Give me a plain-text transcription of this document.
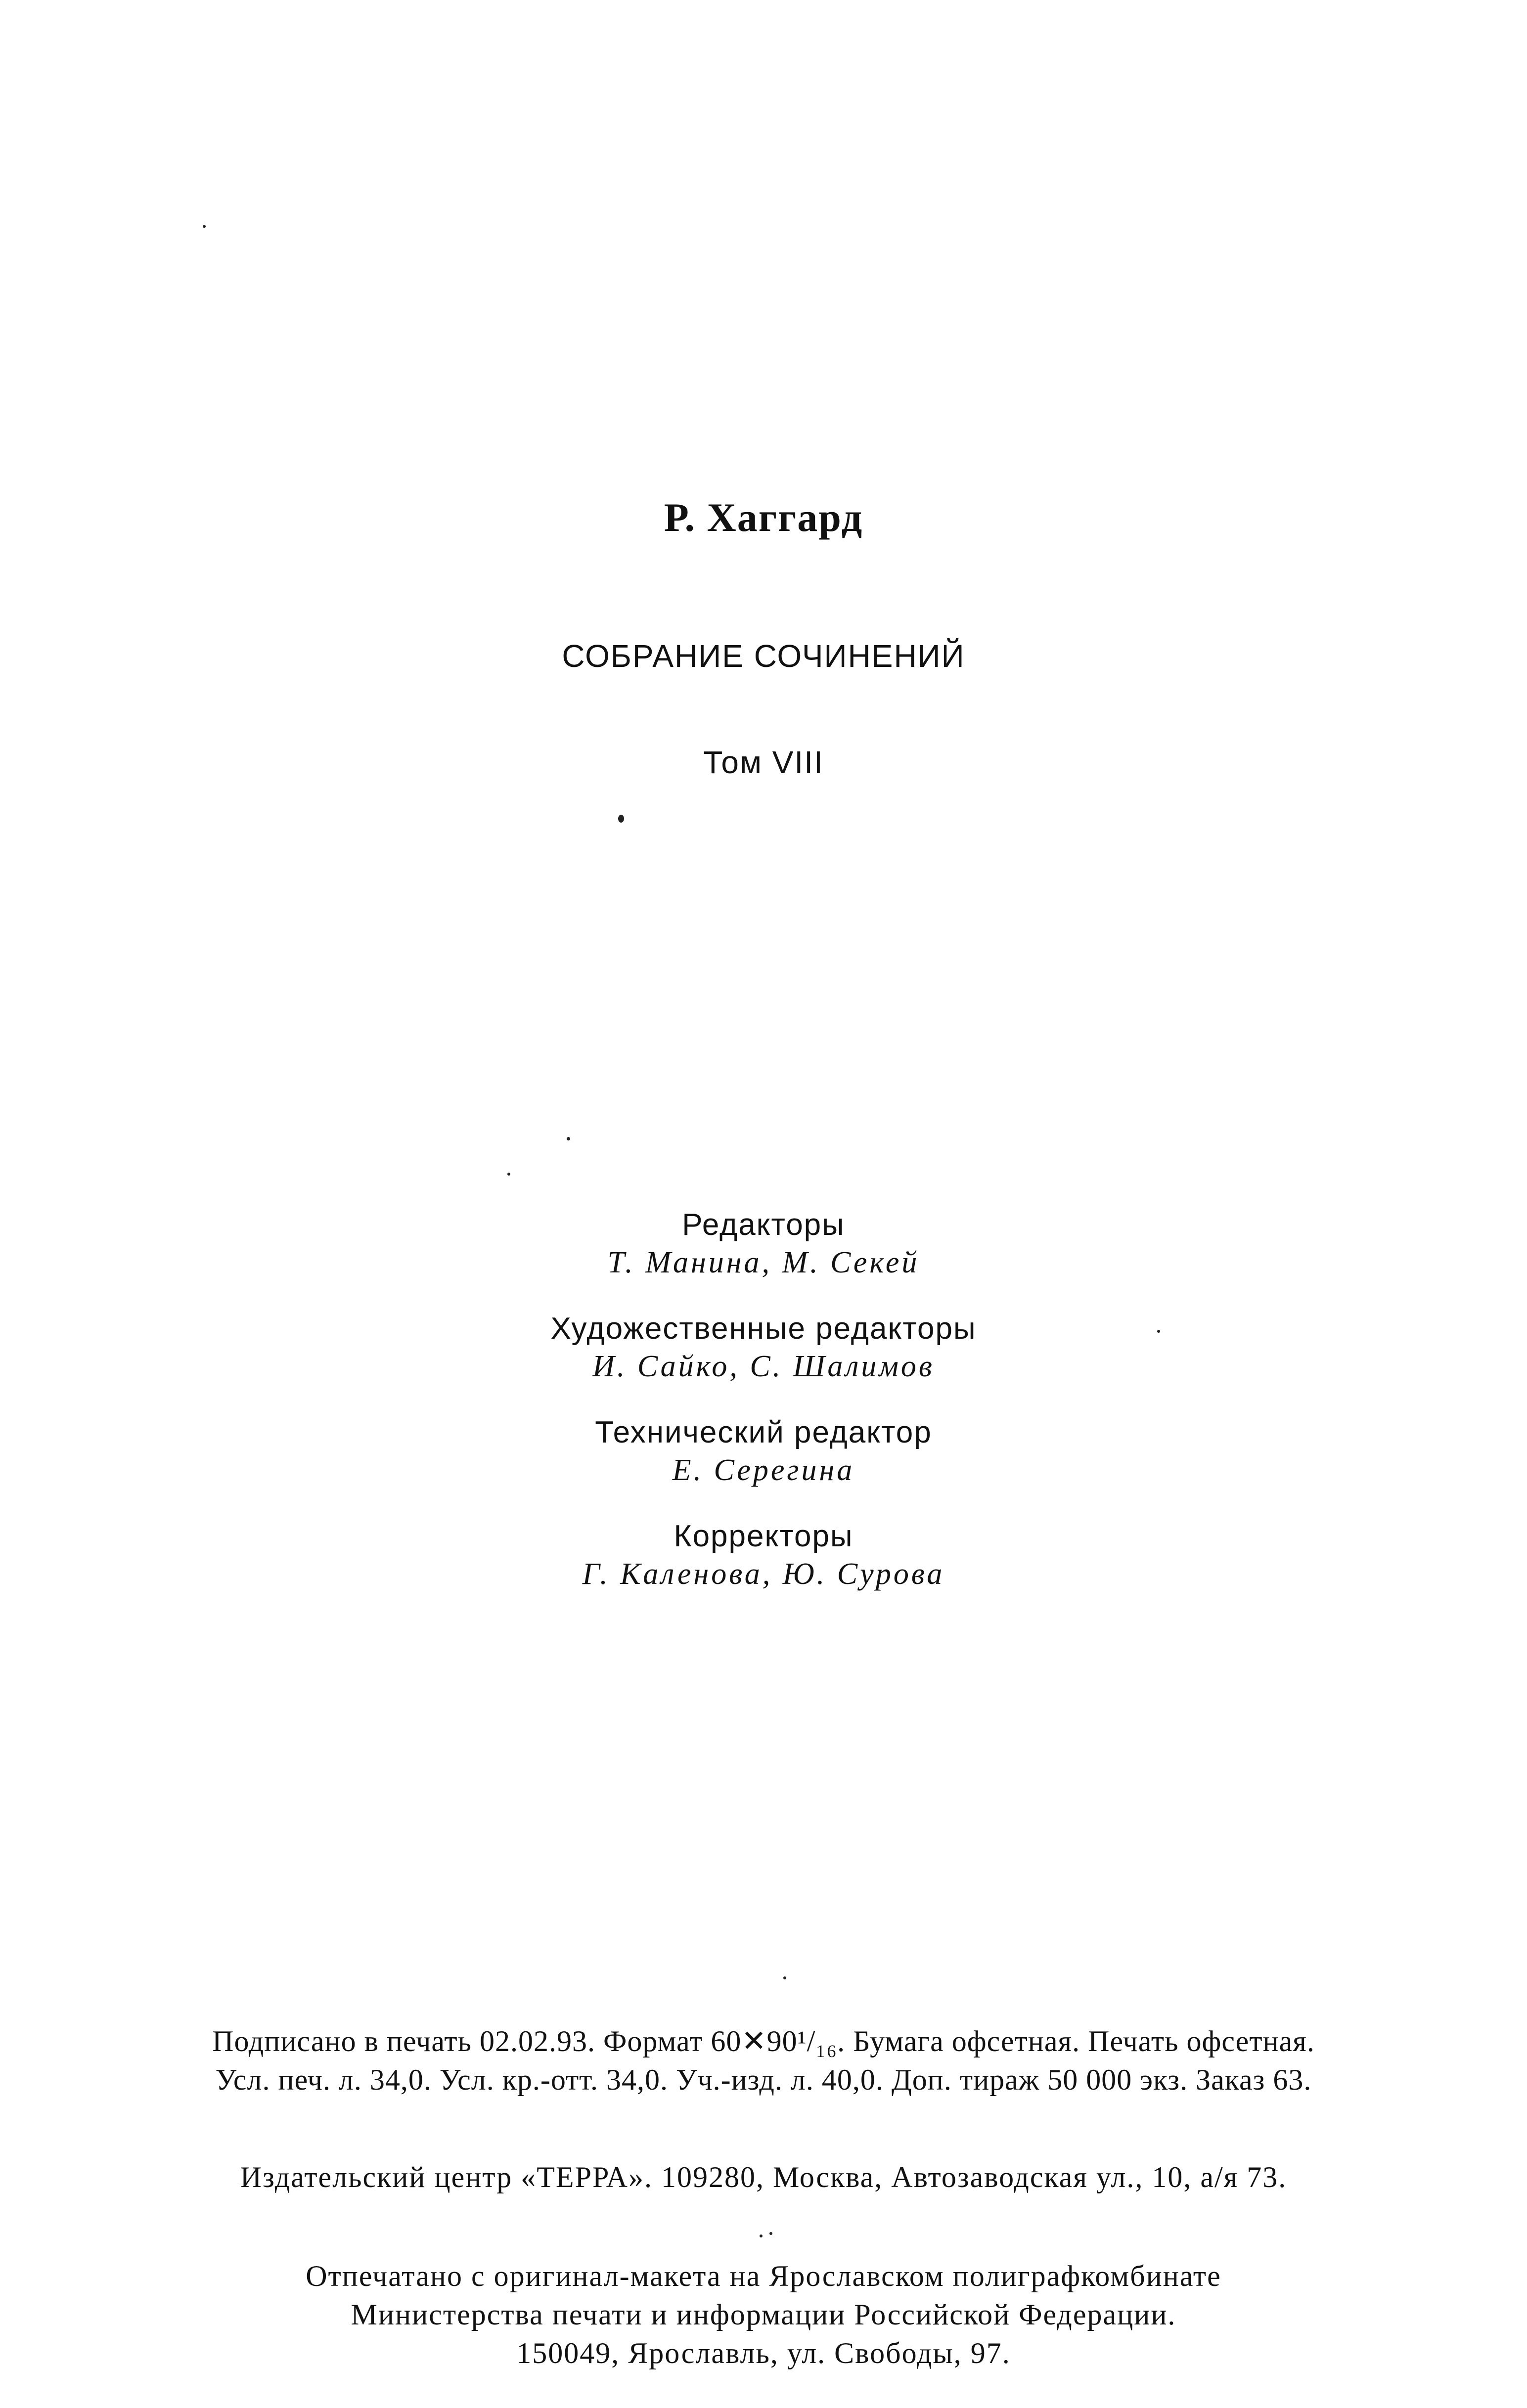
Р. Хаггард
СОБРАНИЕ СОЧИНЕНИЙ
Том VIII
Редакторы
Т. Манина, М. Секей
Художественные редакторы
И. Сайко, С. Шалимов
Технический редактор
Е. Серегина
Корректоры
Г. Каленова, Ю. Сурова
Подписано в печать 02.02.93. Формат 60✕90¹/₁₆. Бумага офсетная. Печать офсетная.
Усл. печ. л. 34,0. Усл. кр.-отт. 34,0. Уч.-изд. л. 40,0. Доп. тираж 50 000 экз. Заказ 63.
Издательский центр «ТЕРРА». 109280, Москва, Автозаводская ул., 10, а/я 73.
Отпечатано с оригинал-макета на Ярославском полиграфкомбинате
Министерства печати и информации Российской Федерации.
150049, Ярославль, ул. Свободы, 97.
